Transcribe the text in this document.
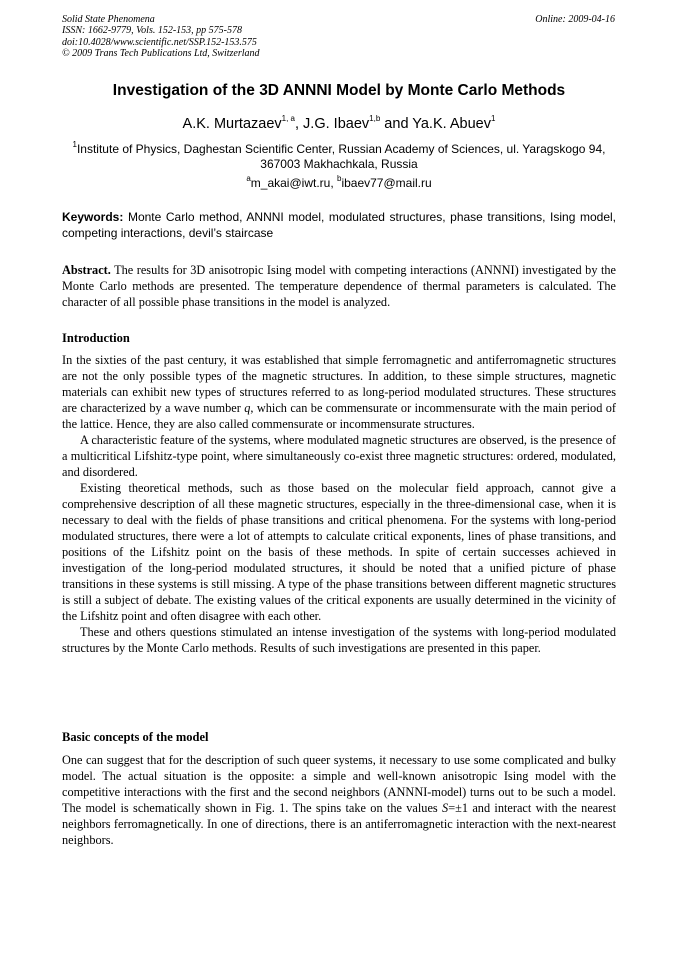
Solid State Phenomena
ISSN: 1662-9779, Vols. 152-153, pp 575-578
doi:10.4028/www.scientific.net/SSP.152-153.575
© 2009 Trans Tech Publications Ltd, Switzerland
Online: 2009-04-16
Investigation of the 3D ANNNI Model by Monte Carlo Methods
A.K. Murtazaev$^{1, a}$, J.G. Ibaev$^{1,b}$ and Ya.K. Abuev$^1$
$^1$Institute of Physics, Daghestan Scientific Center, Russian Academy of Sciences, ul. Yaragskogo 94, 367003 Makhachkala, Russia
$^a$m_akai@iwt.ru, $^b$ibaev77@mail.ru
Keywords: Monte Carlo method, ANNNI model, modulated structures, phase transitions, Ising model, competing interactions, devil’s staircase
Abstract. The results for 3D anisotropic Ising model with competing interactions (ANNNI) investigated by the Monte Carlo methods are presented. The temperature dependence of thermal parameters is calculated. The character of all possible phase transitions in the model is analyzed.
Introduction

In the sixties of the past century, it was established that simple ferromagnetic and antiferromagnetic structures are not the only possible types of the magnetic structures. In addition, to these simple structures, magnetic materials can exhibit new types of structures referred to as long-period modulated structures. These structures are characterized by a wave number q, which can be commensurate or incommensurate with the main period of the lattice. Hence, they are also called commensurate or incommensurate structures.

A characteristic feature of the systems, where modulated magnetic structures are observed, is the presence of a multicritical Lifshitz-type point, where simultaneously co-exist three magnetic structures: ordered, modulated, and disordered.

Existing theoretical methods, such as those based on the molecular field approach, cannot give a comprehensive description of all these magnetic structures, especially in the three-dimensional case, when it is necessary to deal with the fields of phase transitions and critical phenomena. For the systems with long-period modulated structures, there were a lot of attempts to calculate critical exponents, lines of phase transitions, and positions of the Lifshitz point on the basis of these methods. In spite of certain successes achieved in investigation of the long-period modulated structures, it should be noted that a unified picture of phase transitions in these systems is still missing. A type of the phase transitions between different magnetic structures is still a subject of debate. The existing values of the critical exponents are usually determined in the vicinity of the Lifshitz point and often disagree with each other.

These and others questions stimulated an intense investigation of the systems with long-period modulated structures by the Monte Carlo methods. Results of such investigations are presented in this paper.

Basic concepts of the model

One can suggest that for the description of such queer systems, it necessary to use some complicated and bulky model. The actual situation is the opposite: a simple and well-known anisotropic Ising model with the competitive interactions with the first and the second neighbors (ANNNI-model) turns out to be such a model. The model is schematically shown in Fig. 1. The spins take on the values S=±1 and interact with the nearest neighbors ferromagnetically. In one of directions, there is an antiferromagnetic interaction with the next-nearest neighbors.
